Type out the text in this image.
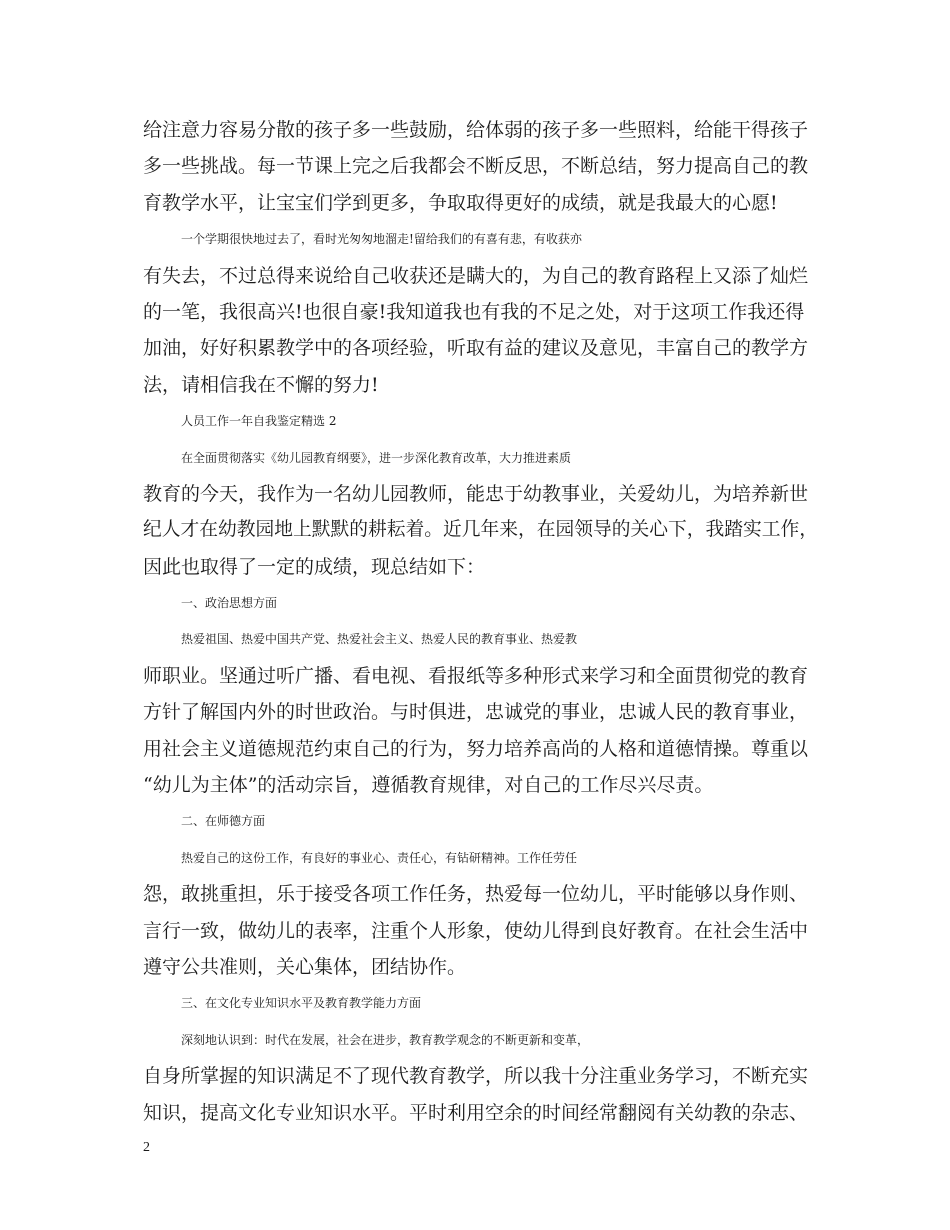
给注意力容易分散的孩子多一些鼓励，给体弱的孩子多一些照料，给能干得孩子

多一些挑战。每一节课上完之后我都会不断反思，不断总结，努力提高自己的教

育教学水平，让宝宝们学到更多，争取取得更好的成绩，就是我最大的心愿!

一个学期很快地过去了，看时光匆匆地溜走!留给我们的有喜有悲，有收获亦

有失去，不过总得来说给自己收获还是瞒大的，为自己的教育路程上又添了灿烂

的一笔，我很高兴!也很自豪!我知道我也有我的不足之处，对于这项工作我还得

加油，好好积累教学中的各项经验，听取有益的建议及意见，丰富自己的教学方

法，请相信我在不懈的努力!

人员工作一年自我鉴定精选 2

在全面贯彻落实《幼儿园教育纲要》，进一步深化教育改革，大力推进素质

教育的今天，我作为一名幼儿园教师，能忠于幼教事业，关爱幼儿，为培养新世

纪人才在幼教园地上默默的耕耘着。近几年来，在园领导的关心下，我踏实工作，

因此也取得了一定的成绩，现总结如下：

一、政治思想方面

热爱祖国、热爱中国共产党、热爱社会主义、热爱人民的教育事业、热爱教

师职业。坚通过听广播、看电视、看报纸等多种形式来学习和全面贯彻党的教育

方针了解国内外的时世政治。与时俱进，忠诚党的事业，忠诚人民的教育事业，

用社会主义道德规范约束自己的行为，努力培养高尚的人格和道德情操。尊重以

“幼儿为主体”的活动宗旨，遵循教育规律，对自己的工作尽兴尽责。

二、在师德方面

热爱自己的这份工作，有良好的事业心、责任心，有钻研精神。工作任劳任

怨，敢挑重担，乐于接受各项工作任务，热爱每一位幼儿，平时能够以身作则、

言行一致，做幼儿的表率，注重个人形象，使幼儿得到良好教育。在社会生活中

遵守公共准则，关心集体，团结协作。

三、在文化专业知识水平及教育教学能力方面

深刻地认识到：时代在发展，社会在进步，教育教学观念的不断更新和变革，

自身所掌握的知识满足不了现代教育教学，所以我十分注重业务学习，不断充实

知识，提高文化专业知识水平。平时利用空余的时间经常翻阅有关幼教的杂志、

2
